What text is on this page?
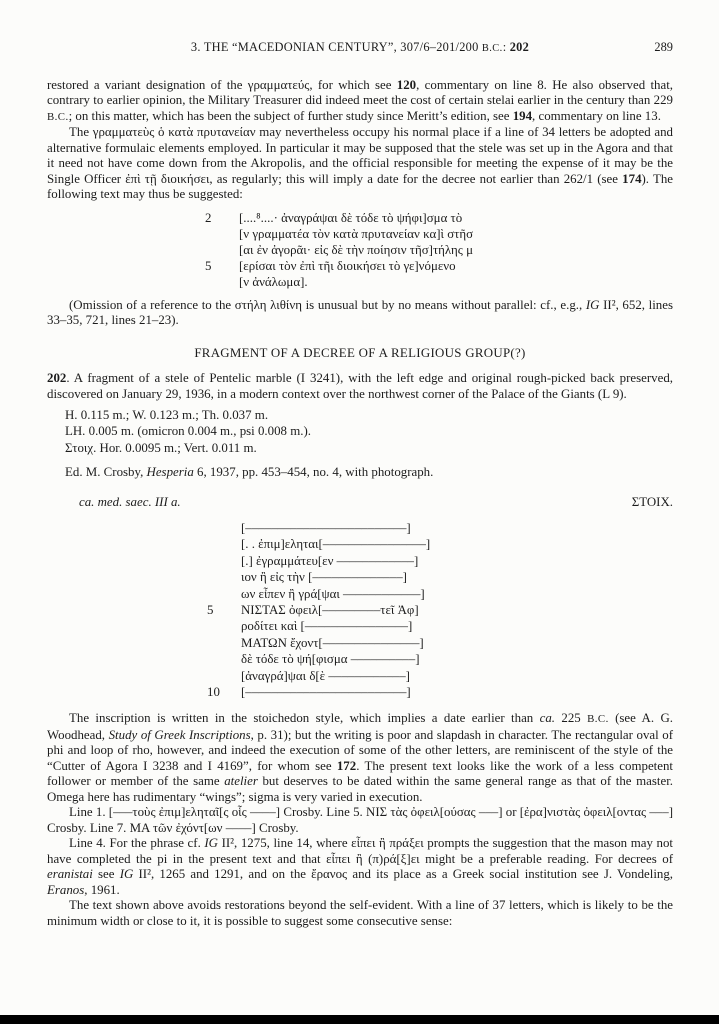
3. THE “MACEDONIAN CENTURY”, 307/6–201/200 B.C.: 202	289

restored a variant designation of the γραμματεύς, for which see 120, commentary on line 8. He also observed that, contrary to earlier opinion, the Military Treasurer did indeed meet the cost of certain stelai earlier in the century than 229 B.C.; on this matter, which has been the subject of further study since Meritt’s edition, see 194, commentary on line 13.

The γραμματεὺς ὁ κατὰ πρυτανείαν may nevertheless occupy his normal place if a line of 34 letters be adopted and alternative formulaic elements employed. In particular it may be supposed that the stele was set up in the Agora and that it need not have come down from the Akropolis, and the official responsible for meeting the expense of it may be the Single Officer ἐπὶ τῇ διοικήσει, as regularly; this will imply a date for the decree not earlier than 262/1 (see 174). The following text may thus be suggested:

2	[....⁸....· ἀναγράψαι δὲ τόδε τὸ ψήφι]σμα τὸ
[ν γραμματέα τὸν κατὰ πρυτανείαν κα]ὶ στῆσ
[αι ἐν ἀγορᾶι· εἰς δὲ τὴν ποίησιν τῆσ]τήλης μ
5	[ερίσαι τὸν ἐπὶ τῆι διοικήσει τὸ γε]νόμενο
[ν ἀνάλωμα].

(Omission of a reference to the στήλη λιθίνη is unusual but by no means without parallel: cf., e.g., IG II², 652, lines 33–35, 721, lines 21–23).

FRAGMENT OF A DECREE OF A RELIGIOUS GROUP(?)

202. A fragment of a stele of Pentelic marble (I 3241), with the left edge and original rough-picked back preserved, discovered on January 29, 1936, in a modern context over the northwest corner of the Palace of the Giants (L 9).

H. 0.115 m.; W. 0.123 m.; Th. 0.037 m.
LH. 0.005 m. (omicron 0.004 m., psi 0.008 m.).
Στοιχ. Hor. 0.0095 m.; Vert. 0.011 m.

Ed. M. Crosby, Hesperia 6, 1937, pp. 453–454, no. 4, with photograph.

ca. med. saec. III a.	ΣΤΟΙΧ.
[–––––––––––––––––––––––––]
[. . ἐπιμ]εληται[––––––––––––––––]
[.] ἐγραμμάτευ[εν ––––––––––––]
ιον ἢ εἰς τὴν [––––––––––––––]
ων εἶπεν ἢ γρά[ψαι ––––––––––––]
5	ΝΙΣΤΑΣ ὀφειλ[–––––––––τεῖ Ἀφ]
ροδίτει καὶ [––––––––––––––––]
ΜΑΤΩΝ ἔχοντ[–––––––––––––––]
δὲ τόδε τὸ ψή[φισμα ––––––––––]
[ἀναγρά]ψαι δ[ὲ ––––––––––––]
10	[–––––––––––––––––––––––––]

The inscription is written in the stoichedon style, which implies a date earlier than ca. 225 B.C. (see A. G. Woodhead, Study of Greek Inscriptions, p. 31); but the writing is poor and slapdash in character. The rectangular oval of phi and loop of rho, however, and indeed the execution of some of the other letters, are reminiscent of the style of the “Cutter of Agora I 3238 and I 4169”, for whom see 172. The present text looks like the work of a less competent follower or member of the same atelier but deserves to be dated within the same general range as that of the master. Omega here has rudimentary “wings”; sigma is very varied in execution.

Line 1. [–––τοὺς ἐπιμ]εληταῖ[ς οἷς ––––] Crosby. Line 5. ΝΙΣ τὰς ὀφειλ[ούσας –––] or [ἐρα]νιστὰς ὀφειλ[οντας –––] Crosby. Line 7. ΜΑ τῶν ἐχόντ[ων ––––] Crosby.

Line 4. For the phrase cf. IG II², 1275, line 14, where εἶπει ἢ πράξει prompts the suggestion that the mason may not have completed the pi in the present text and that εἶπει ἢ (π)ρά[ξ]ει might be a preferable reading. For decrees of eranistai see IG II², 1265 and 1291, and on the ἔρανος and its place as a Greek social institution see J. Vondeling, Eranos, 1961.

The text shown above avoids restorations beyond the self-evident. With a line of 37 letters, which is likely to be the minimum width or close to it, it is possible to suggest some consecutive sense:
